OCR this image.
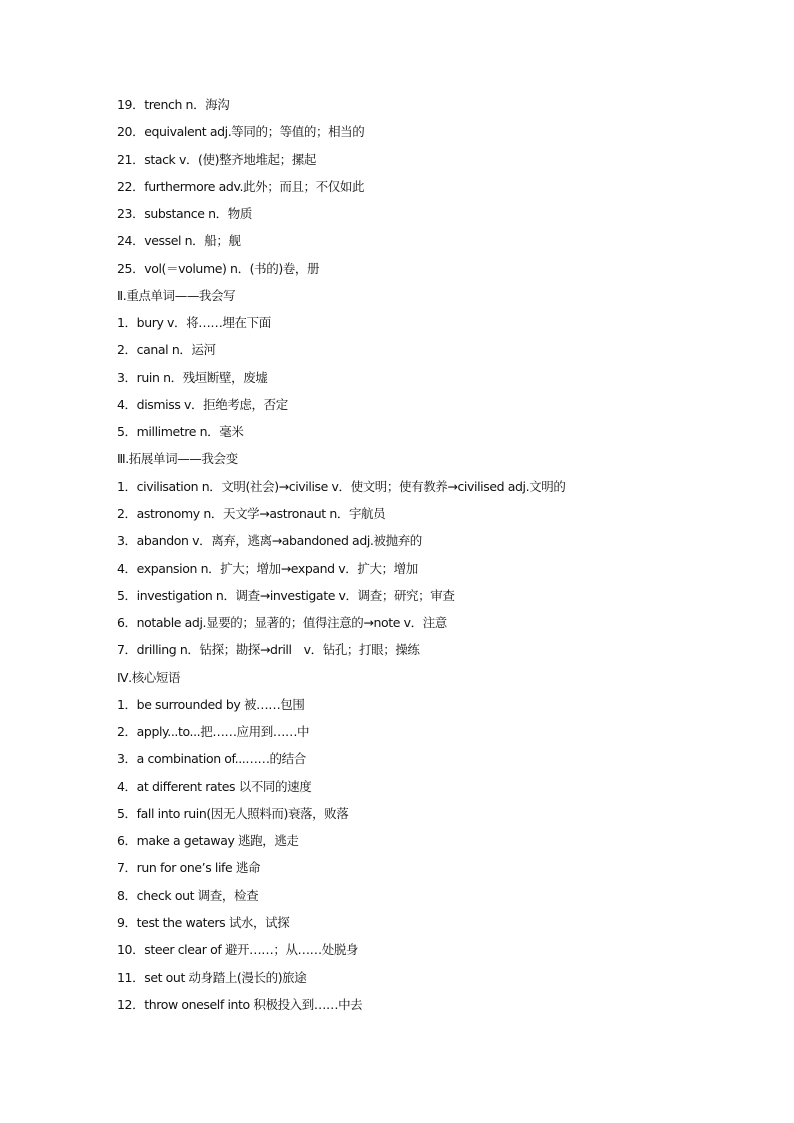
19．trench n．海沟
20．equivalent adj.等同的；等值的；相当的
21．stack v．(使)整齐地堆起；摞起
22．furthermore adv.此外；而且；不仅如此
23．substance n．物质
24．vessel n．船；舰
25．vol(＝volume) n．(书的)卷，册
Ⅱ.重点单词——我会写
1．bury v．将……埋在下面
2．canal n．运河
3．ruin n．残垣断壁，废墟
4．dismiss v．拒绝考虑，否定
5．millimetre n．毫米
Ⅲ.拓展单词——我会变
1．civilisation n．文明(社会)→civilise v．使文明；使有教养→civilised adj.文明的
2．astronomy n．天文学→astronaut n．宇航员
3．abandon v．离弃，逃离→abandoned adj.被抛弃的
4．expansion n．扩大；增加→expand v．扩大；增加
5．investigation n．调查→investigate v．调查；研究；审查
6．notable adj.显要的；显著的；值得注意的→note v．注意
7．drilling n．钻探；勘探→drill　v．钻孔；打眼；操练
Ⅳ.核心短语
1．be surrounded by 被……包围
2．apply...to...把……应用到……中
3．a combination of...……的结合
4．at different rates 以不同的速度
5．fall into ruin(因无人照料而)衰落，败落
6．make a getaway 逃跑，逃走
7．run for one’s life 逃命
8．check out 调查，检查
9．test the waters 试水，试探
10．steer clear of 避开……；从……处脱身
11．set out 动身踏上(漫长的)旅途
12．throw oneself into 积极投入到……中去
